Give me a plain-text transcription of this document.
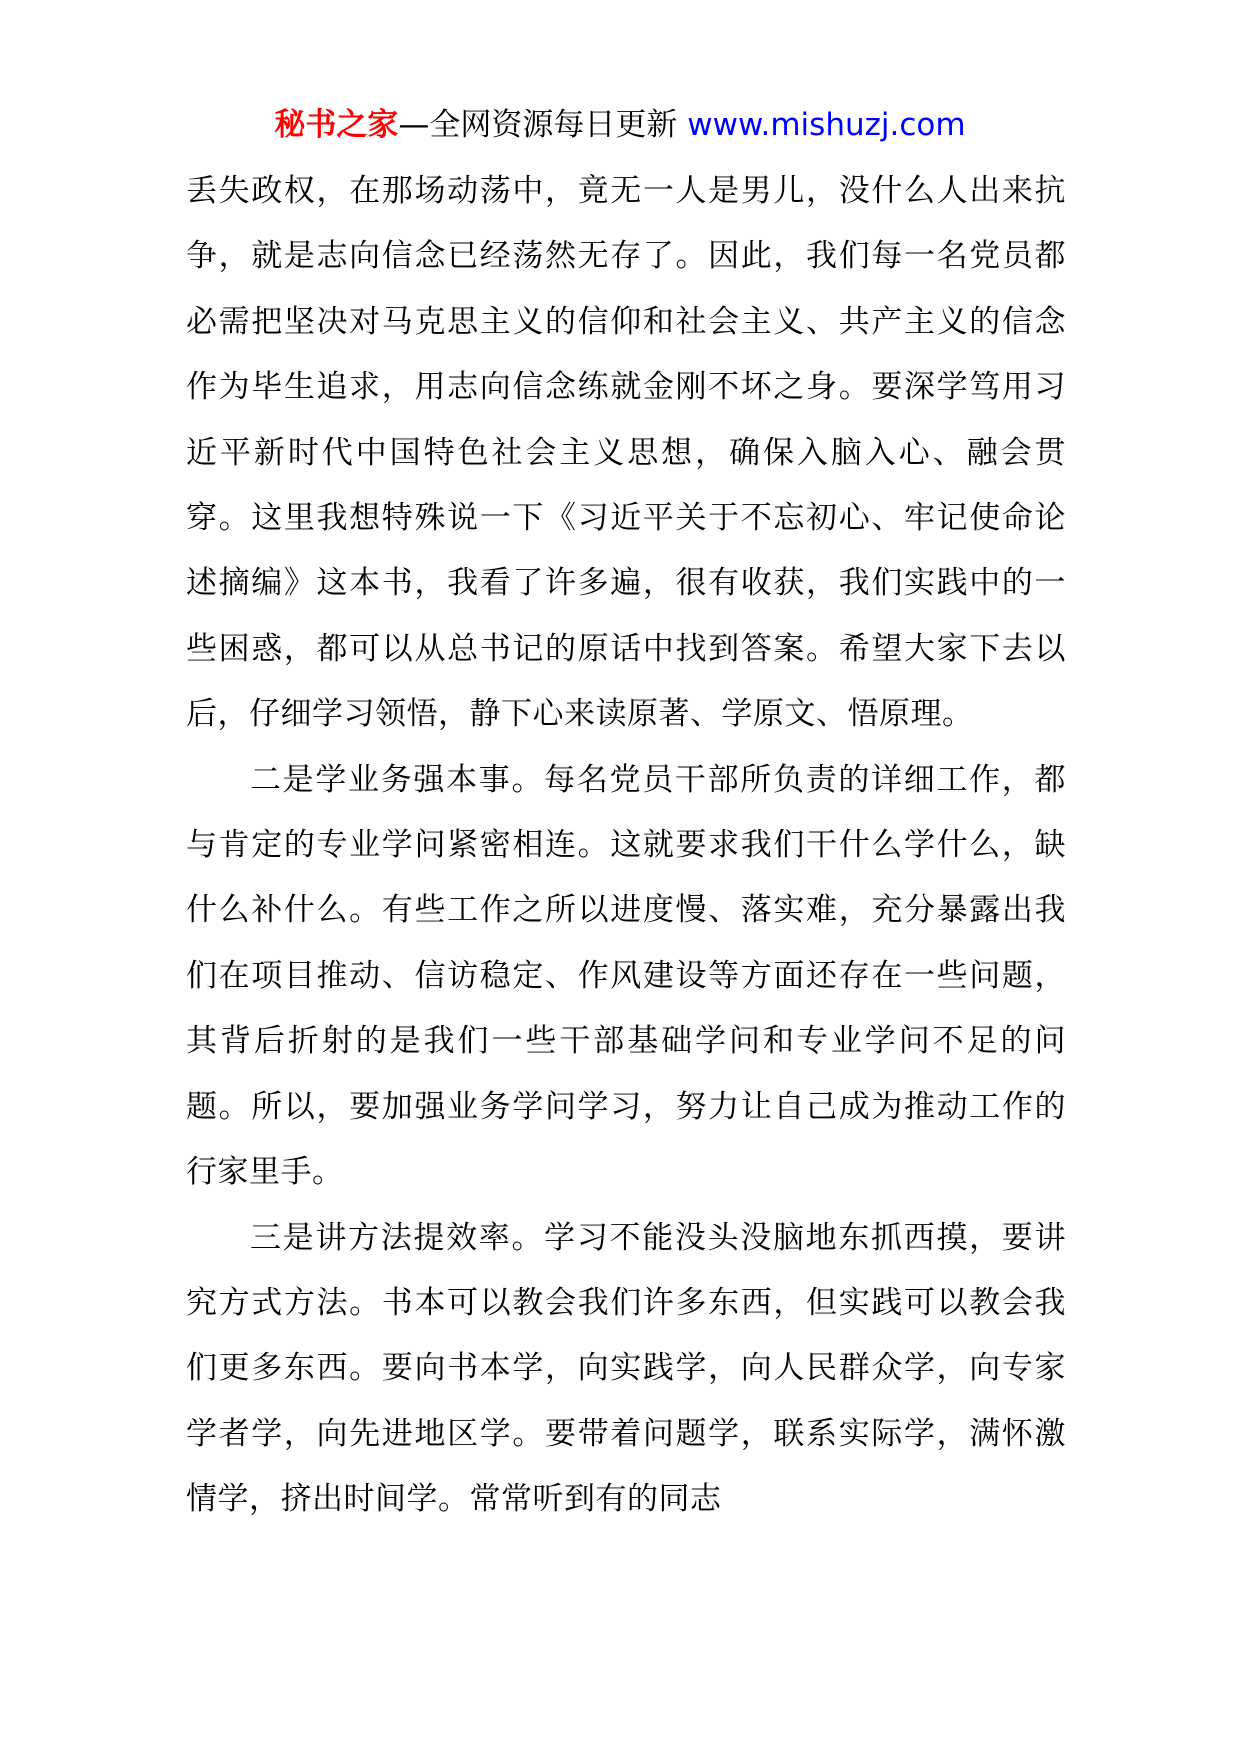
秘书之家—全网资源每日更新 www.mishuzj.com

丢失政权，在那场动荡中，竟无一人是男儿，没什么人出来抗争，就是志向信念已经荡然无存了。因此，我们每一名党员都必需把坚决对马克思主义的信仰和社会主义、共产主义的信念作为毕生追求，用志向信念练就金刚不坏之身。要深学笃用习近平新时代中国特色社会主义思想，确保入脑入心、融会贯穿。这里我想特殊说一下《习近平关于不忘初心、牢记使命论述摘编》这本书，我看了许多遍，很有收获，我们实践中的一些困惑，都可以从总书记的原话中找到答案。希望大家下去以后，仔细学习领悟，静下心来读原著、学原文、悟原理。

二是学业务强本事。每名党员干部所负责的详细工作，都与肯定的专业学问紧密相连。这就要求我们干什么学什么，缺什么补什么。有些工作之所以进度慢、落实难，充分暴露出我们在项目推动、信访稳定、作风建设等方面还存在一些问题，其背后折射的是我们一些干部基础学问和专业学问不足的问题。所以，要加强业务学问学习，努力让自己成为推动工作的行家里手。

三是讲方法提效率。学习不能没头没脑地东抓西摸，要讲究方式方法。书本可以教会我们许多东西，但实践可以教会我们更多东西。要向书本学，向实践学，向人民群众学，向专家学者学，向先进地区学。要带着问题学，联系实际学，满怀激情学，挤出时间学。常常听到有的同志
